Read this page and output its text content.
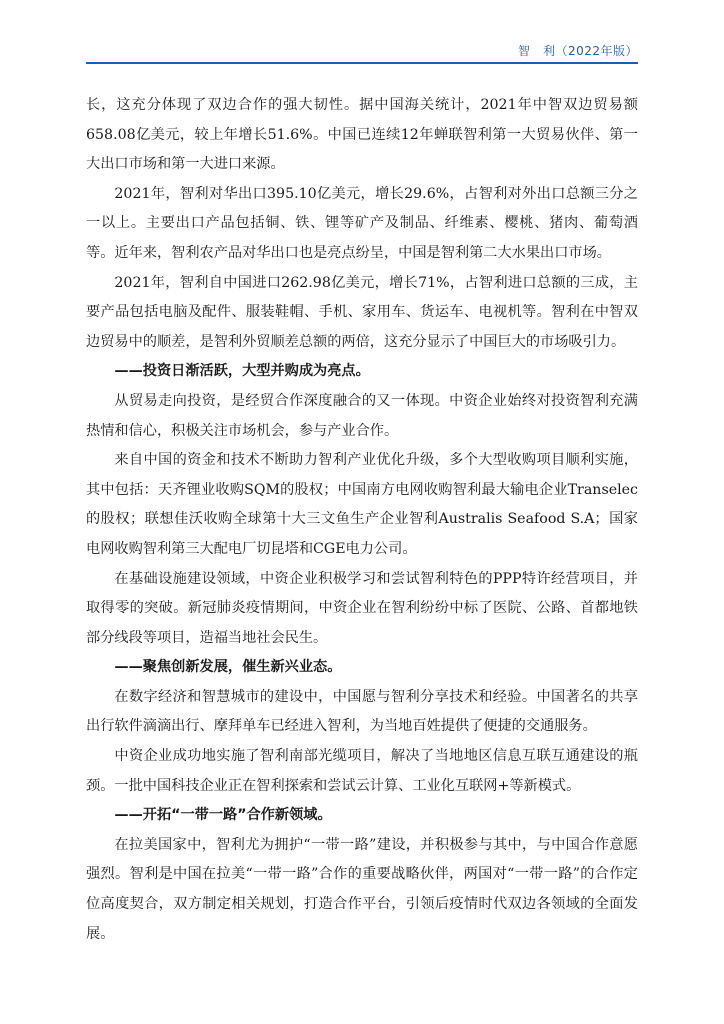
智　利（2022年版）

长，这充分体现了双边合作的强大韧性。据中国海关统计，2021年中智双边贸易额658.08亿美元，较上年增长51.6%。中国已连续12年蝉联智利第一大贸易伙伴、第一大出口市场和第一大进口来源。

2021年，智利对华出口395.10亿美元，增长29.6%，占智利对外出口总额三分之一以上。主要出口产品包括铜、铁、锂等矿产及制品、纤维素、樱桃、猪肉、葡萄酒等。近年来，智利农产品对华出口也是亮点纷呈，中国是智利第二大水果出口市场。

2021年，智利自中国进口262.98亿美元，增长71%，占智利进口总额的三成，主要产品包括电脑及配件、服装鞋帽、手机、家用车、货运车、电视机等。智利在中智双边贸易中的顺差，是智利外贸顺差总额的两倍，这充分显示了中国巨大的市场吸引力。

——投资日渐活跃，大型并购成为亮点。

从贸易走向投资，是经贸合作深度融合的又一体现。中资企业始终对投资智利充满热情和信心，积极关注市场机会，参与产业合作。

来自中国的资金和技术不断助力智利产业优化升级，多个大型收购项目顺利实施，其中包括：天齐锂业收购SQM的股权；中国南方电网收购智利最大输电企业Transelec的股权；联想佳沃收购全球第十大三文鱼生产企业智利Australis Seafood S.A；国家电网收购智利第三大配电厂切昆塔和CGE电力公司。

在基础设施建设领域，中资企业积极学习和尝试智利特色的PPP特许经营项目，并取得零的突破。新冠肺炎疫情期间，中资企业在智利纷纷中标了医院、公路、首都地铁部分线段等项目，造福当地社会民生。

——聚焦创新发展，催生新兴业态。

在数字经济和智慧城市的建设中，中国愿与智利分享技术和经验。中国著名的共享出行软件滴滴出行、摩拜单车已经进入智利，为当地百姓提供了便捷的交通服务。

中资企业成功地实施了智利南部光缆项目，解决了当地地区信息互联互通建设的瓶颈。一批中国科技企业正在智利探索和尝试云计算、工业化互联网+等新模式。

——开拓“一带一路”合作新领域。

在拉美国家中，智利尤为拥护“一带一路”建设，并积极参与其中，与中国合作意愿强烈。智利是中国在拉美“一带一路”合作的重要战略伙伴，两国对“一带一路”的合作定位高度契合，双方制定相关规划，打造合作平台，引领后疫情时代双边各领域的全面发展。
